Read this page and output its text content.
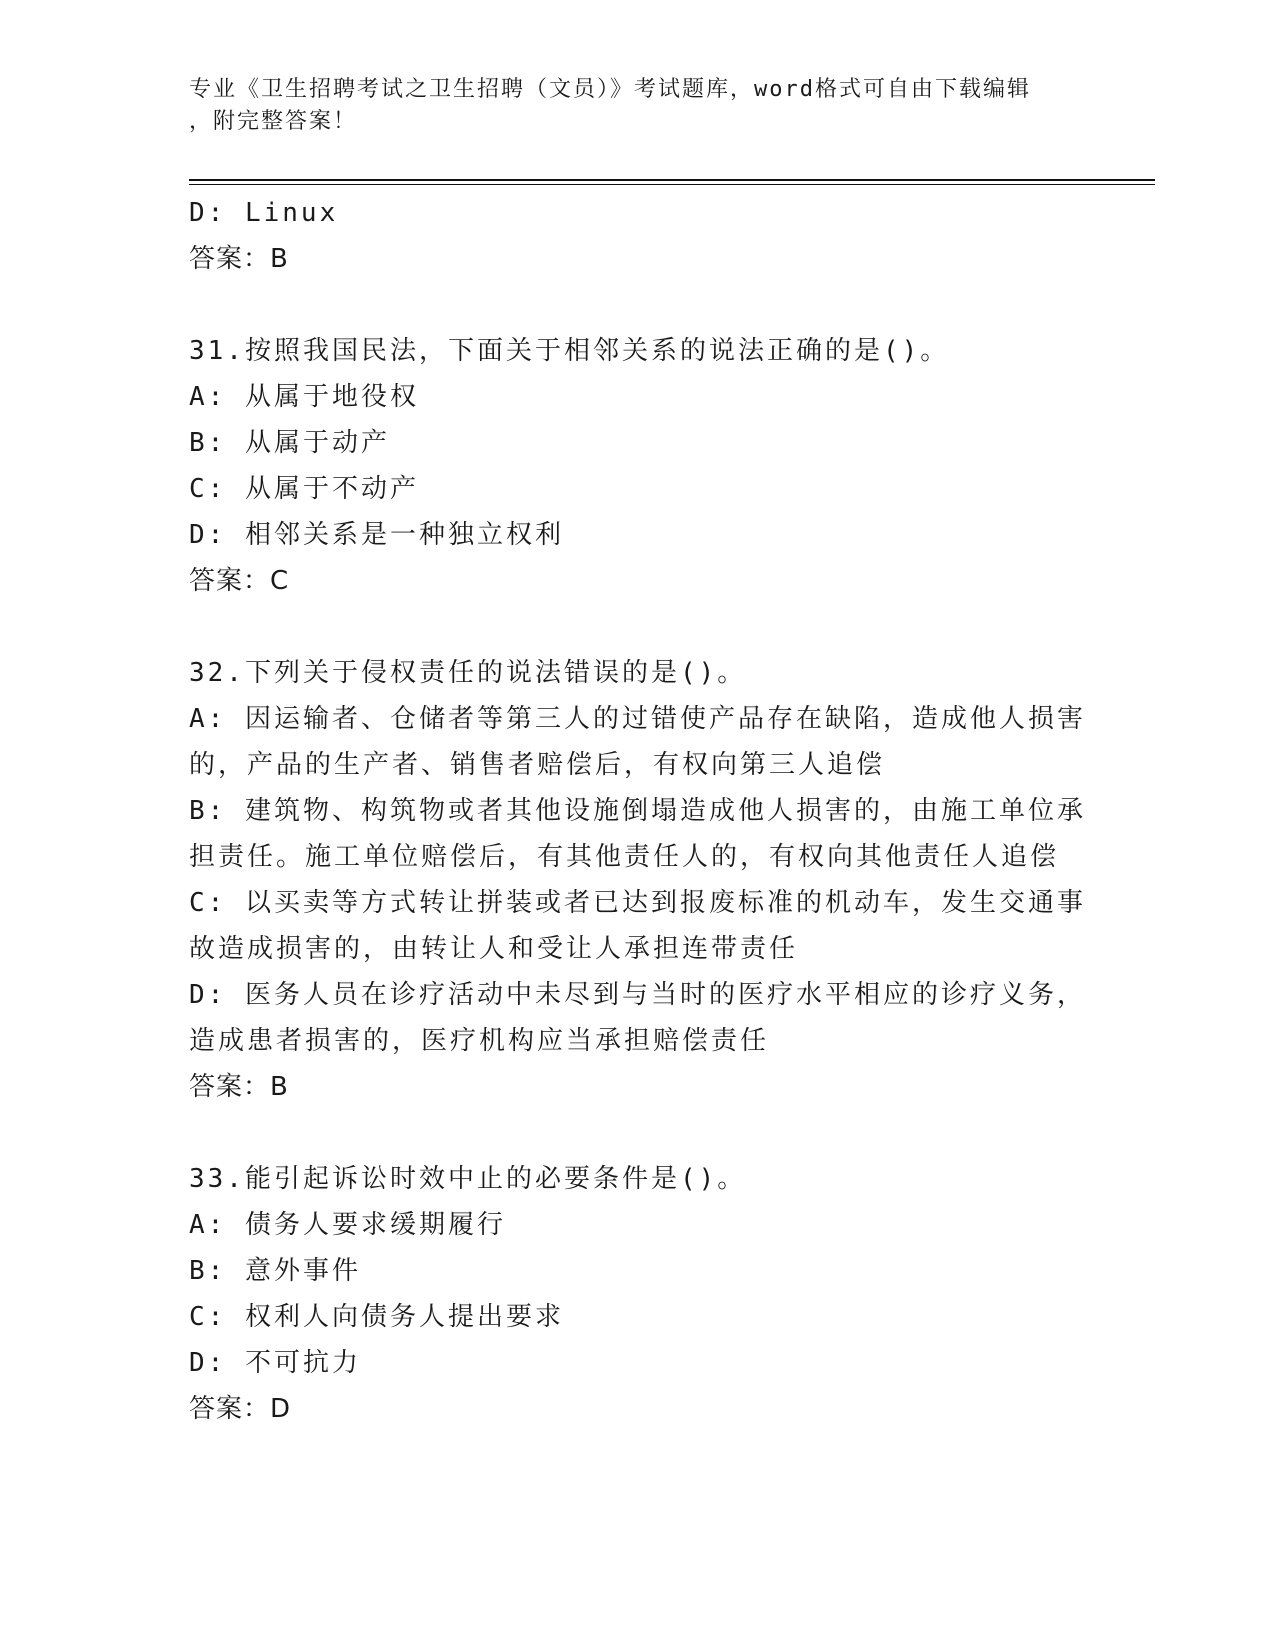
专业《卫生招聘考试之卫生招聘（文员）》考试题库，word格式可自由下载编辑
，附完整答案！
D: Linux
答案：B
31.按照我国民法，下面关于相邻关系的说法正确的是()。
A: 从属于地役权
B: 从属于动产
C: 从属于不动产
D: 相邻关系是一种独立权利
答案：C
32.下列关于侵权责任的说法错误的是()。
A: 因运输者、仓储者等第三人的过错使产品存在缺陷，造成他人损害
的，产品的生产者、销售者赔偿后，有权向第三人追偿
B: 建筑物、构筑物或者其他设施倒塌造成他人损害的，由施工单位承
担责任。施工单位赔偿后，有其他责任人的，有权向其他责任人追偿
C: 以买卖等方式转让拼装或者已达到报废标准的机动车，发生交通事
故造成损害的，由转让人和受让人承担连带责任
D: 医务人员在诊疗活动中未尽到与当时的医疗水平相应的诊疗义务，
造成患者损害的，医疗机构应当承担赔偿责任
答案：B
33.能引起诉讼时效中止的必要条件是()。
A: 债务人要求缓期履行
B: 意外事件
C: 权利人向债务人提出要求
D: 不可抗力
答案：D
